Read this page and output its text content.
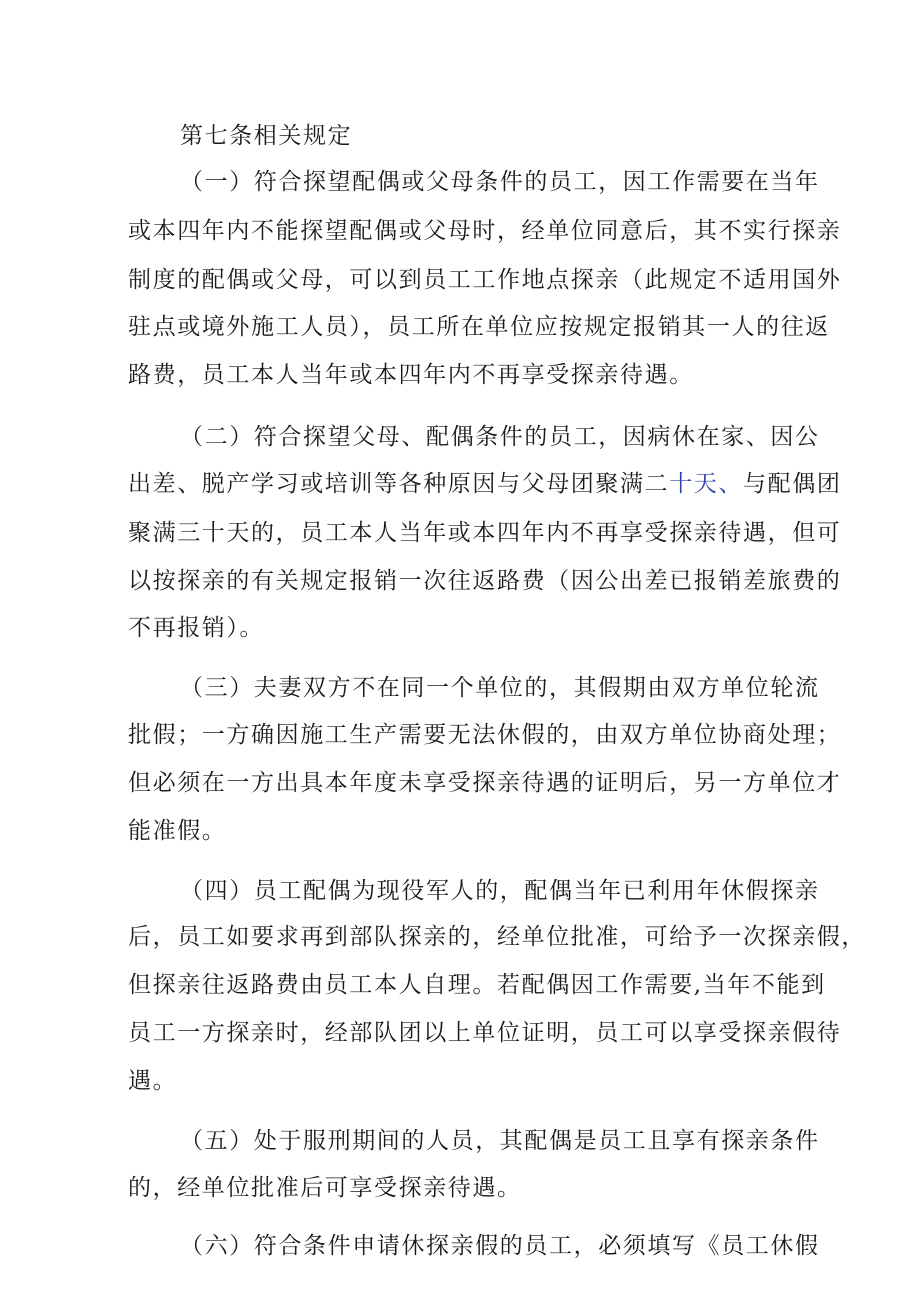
第七条相关规定
（一）符合探望配偶或父母条件的员工，因工作需要在当年
或本四年内不能探望配偶或父母时，经单位同意后，其不实行探亲
制度的配偶或父母，可以到员工工作地点探亲（此规定不适用国外
驻点或境外施工人员），员工所在单位应按规定报销其一人的往返
路费，员工本人当年或本四年内不再享受探亲待遇。
（二）符合探望父母、配偶条件的员工，因病休在家、因公
出差、脱产学习或培训等各种原因与父母团聚满二十天、与配偶团
聚满三十天的，员工本人当年或本四年内不再享受探亲待遇，但可
以按探亲的有关规定报销一次往返路费（因公出差已报销差旅费的
不再报销）。
（三）夫妻双方不在同一个单位的，其假期由双方单位轮流
批假；一方确因施工生产需要无法休假的，由双方单位协商处理；
但必须在一方出具本年度未享受探亲待遇的证明后，另一方单位才
能准假。
（四）员工配偶为现役军人的，配偶当年已利用年休假探亲
后，员工如要求再到部队探亲的，经单位批准，可给予一次探亲假，
但探亲往返路费由员工本人自理。若配偶因工作需要,当年不能到
员工一方探亲时，经部队团以上单位证明，员工可以享受探亲假待
遇。
（五）处于服刑期间的人员，其配偶是员工且享有探亲条件
的，经单位批准后可享受探亲待遇。
（六）符合条件申请休探亲假的员工，必须填写《员工休假
